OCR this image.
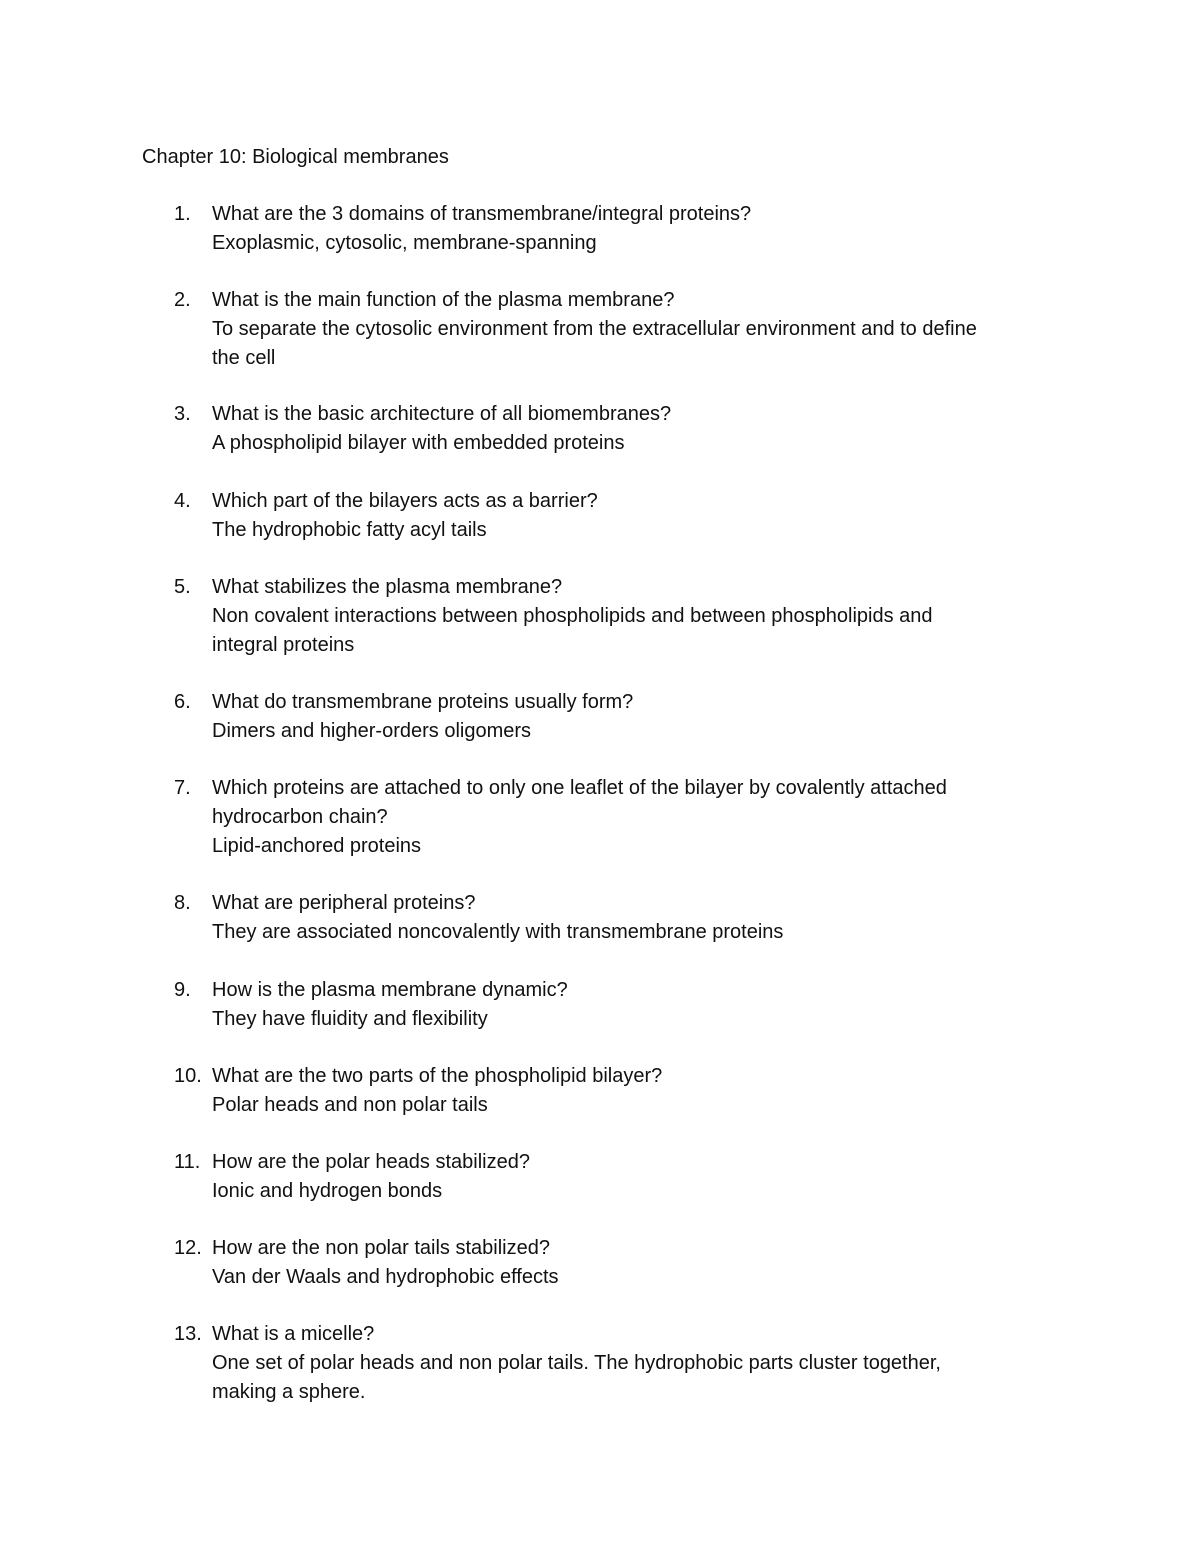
Chapter 10: Biological membranes
1.	What are the 3 domains of transmembrane/integral proteins?
Exoplasmic, cytosolic, membrane-spanning
2.	What is the main function of the plasma membrane?
To separate the cytosolic environment from the extracellular environment and to define
the cell
3.	What is the basic architecture of all biomembranes?
A phospholipid bilayer with embedded proteins
4.	Which part of the bilayers acts as a barrier?
The hydrophobic fatty acyl tails
5.	What stabilizes the plasma membrane?
Non covalent interactions between phospholipids and between phospholipids and
integral proteins
6.	What do transmembrane proteins usually form?
Dimers and higher-orders oligomers
7.	Which proteins are attached to only one leaflet of the bilayer by covalently attached
hydrocarbon chain?
Lipid-anchored proteins
8.	What are peripheral proteins?
They are associated noncovalently with transmembrane proteins
9.	How is the plasma membrane dynamic?
They have fluidity and flexibility
10. What are the two parts of the phospholipid bilayer?
Polar heads and non polar tails
11. How are the polar heads stabilized?
Ionic and hydrogen bonds
12. How are the non polar tails stabilized?
Van der Waals and hydrophobic effects
13. What is a micelle?
One set of polar heads and non polar tails. The hydrophobic parts cluster together,
making a sphere.
